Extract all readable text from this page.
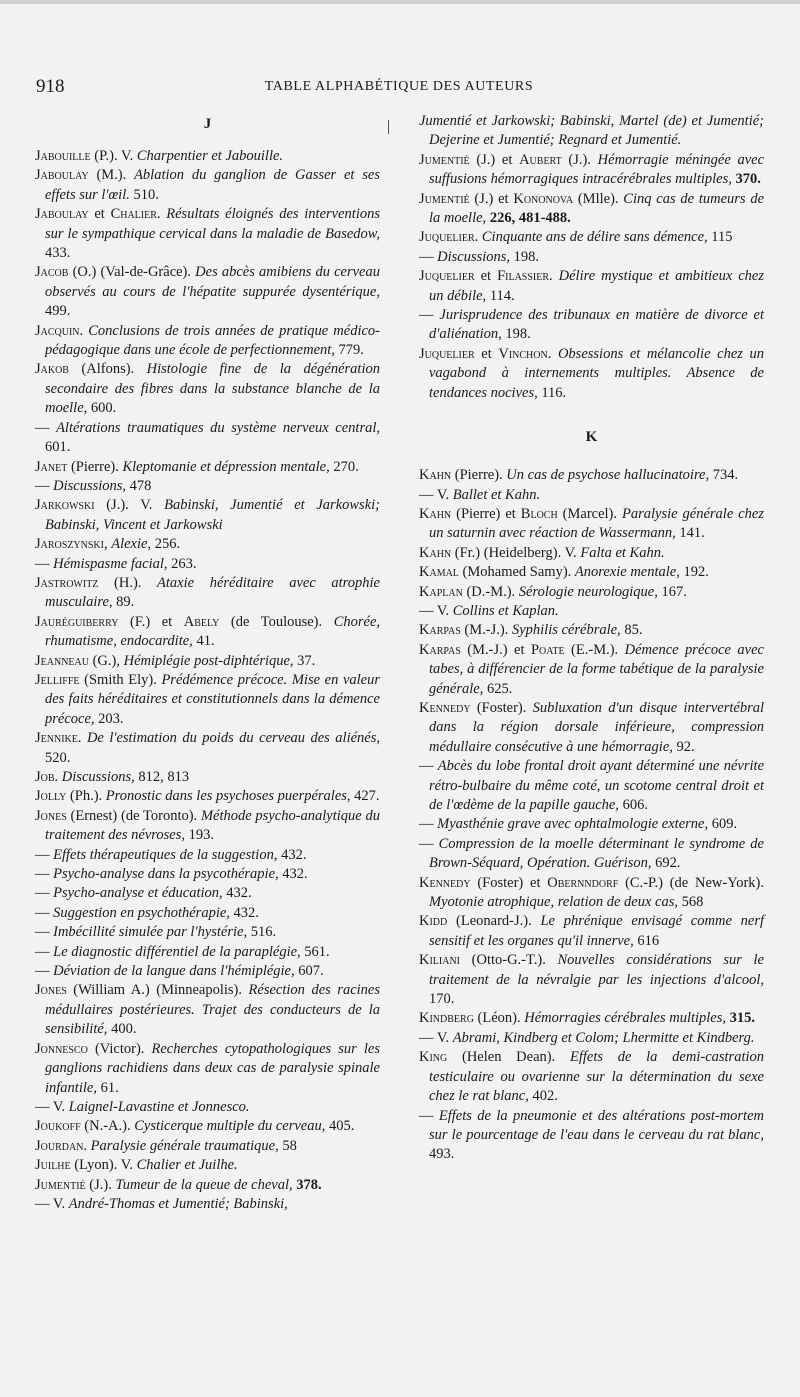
918	TABLE ALPHABÉTIQUE DES AUTEURS
J

Jabouille (P.). V. Charpentier et Jabouille.

Jaboulay (M.). Ablation du ganglion de Gasser et ses effets sur l'œil. 510.

Jaboulay et Chalier. Résultats éloignés des interventions sur le sympathique cervical dans la maladie de Basedow, 433.

Jacob (O.) (Val-de-Grâce). Des abcès amibiens du cerveau observés au cours de l'hépatite suppurée dysentérique, 499.

Jacquin. Conclusions de trois années de pratique médico-pédagogique dans une école de perfectionnement, 779.

Jakob (Alfons). Histologie fine de la dégénération secondaire des fibres dans la substance blanche de la moelle, 600.

— Altérations traumatiques du système nerveux central, 601.

Janet (Pierre). Kleptomanie et dépression mentale, 270.

— Discussions, 478

Jarkowski (J.). V. Babinski, Jumentié et Jarkowski; Babinski, Vincent et Jarkowski

Jaroszynski, Alexie, 256.

— Hémispasme facial, 263.

Jastrowitz (H.). Ataxie héréditaire avec atrophie musculaire, 89.

Jauréguiberry (F.) et Abely (de Toulouse). Chorée, rhumatisme, endocardite, 41.

Jeanneau (G.), Hémiplégie post-diphtérique, 37.

Jelliffe (Smith Ely). Prédémence précoce. Mise en valeur des faits héréditaires et constitutionnels dans la démence précoce, 203.

Jennike. De l'estimation du poids du cerveau des aliénés, 520.

Job. Discussions, 812, 813

Jolly (Ph.). Pronostic dans les psychoses puerpérales, 427.

Jones (Ernest) (de Toronto). Méthode psycho-analytique du traitement des névroses, 193.

— Effets thérapeutiques de la suggestion, 432.

— Psycho-analyse dans la psycothérapie, 432.

— Psycho-analyse et éducation, 432.

— Suggestion en psychothérapie, 432.

— Imbécillité simulée par l'hystérie, 516.

— Le diagnostic différentiel de la paraplégie, 561.

— Déviation de la langue dans l'hémiplégie, 607.

Jones (William A.) (Minneapolis). Résection des racines médullaires postérieures. Trajet des conducteurs de la sensibilité, 400.

Jonnesco (Victor). Recherches cytopathologiques sur les ganglions rachidiens dans deux cas de paralysie spinale infantile, 61.

— V. Laignel-Lavastine et Jonnesco.

Joukoff (N.-A.). Cysticerque multiple du cerveau, 405.

Jourdan. Paralysie générale traumatique, 58

Juilhe (Lyon). V. Chalier et Juilhe.

Jumentié (J.). Tumeur de la queue de cheval, 378.

— V. André-Thomas et Jumentié; Babinski,

Jumentié et Jarkowski; Babinski, Martel (de) et Jumentié; Dejerine et Jumentié; Regnard et Jumentié.

Jumentié (J.) et Aubert (J.). Hémorragie méningée avec suffusions hémorragiques intracérébrales multiples, 370.

Jumentié (J.) et Kononova (Mlle). Cinq cas de tumeurs de la moelle, 226, 481-488.

Juquelier. Cinquante ans de délire sans démence, 115

— Discussions, 198.

Juquelier et Filassier. Délire mystique et ambitieux chez un débile, 114.

— Jurisprudence des tribunaux en matière de divorce et d'aliénation, 198.

Juquelier et Vinchon. Obsessions et mélancolie chez un vagabond à internements multiples. Absence de tendances nocives, 116.

K

Kahn (Pierre). Un cas de psychose hallucinatoire, 734.

— V. Ballet et Kahn.

Kahn (Pierre) et Bloch (Marcel). Paralysie générale chez un saturnin avec réaction de Wassermann, 141.

Kahn (Fr.) (Heidelberg). V. Falta et Kahn.

Kamal (Mohamed Samy). Anorexie mentale, 192.

Kaplan (D.-M.). Sérologie neurologique, 167.

— V. Collins et Kaplan.

Karpas (M.-J.). Syphilis cérébrale, 85.

Karpas (M.-J.) et Poate (E.-M.). Démence précoce avec tabes, à différencier de la forme tabétique de la paralysie générale, 625.

Kennedy (Foster). Subluxation d'un disque intervertébral dans la région dorsale inférieure, compression médullaire consécutive à une hémorragie, 92.

— Abcès du lobe frontal droit ayant déterminé une névrite rétro-bulbaire du même coté, un scotome central droit et de l'œdème de la papille gauche, 606.

— Myasthénie grave avec ophtalmologie externe, 609.

— Compression de la moelle déterminant le syndrome de Brown-Séquard, Opération. Guérison, 692.

Kennedy (Foster) et Obernndorf (C.-P.) (de New-York). Myotonie atrophique, relation de deux cas, 568

Kidd (Leonard-J.). Le phrénique envisagé comme nerf sensitif et les organes qu'il innerve, 616

Kiliani (Otto-G.-T.). Nouvelles considérations sur le traitement de la névralgie par les injections d'alcool, 170.

Kindberg (Léon). Hémorragies cérébrales multiples, 315.

— V. Abrami, Kindberg et Colom; Lhermitte et Kindberg.

King (Helen Dean). Effets de la demi-castration testiculaire ou ovarienne sur la détermination du sexe chez le rat blanc, 402.

— Effets de la pneumonie et des altérations post-mortem sur le pourcentage de l'eau dans le cerveau du rat blanc, 493.
